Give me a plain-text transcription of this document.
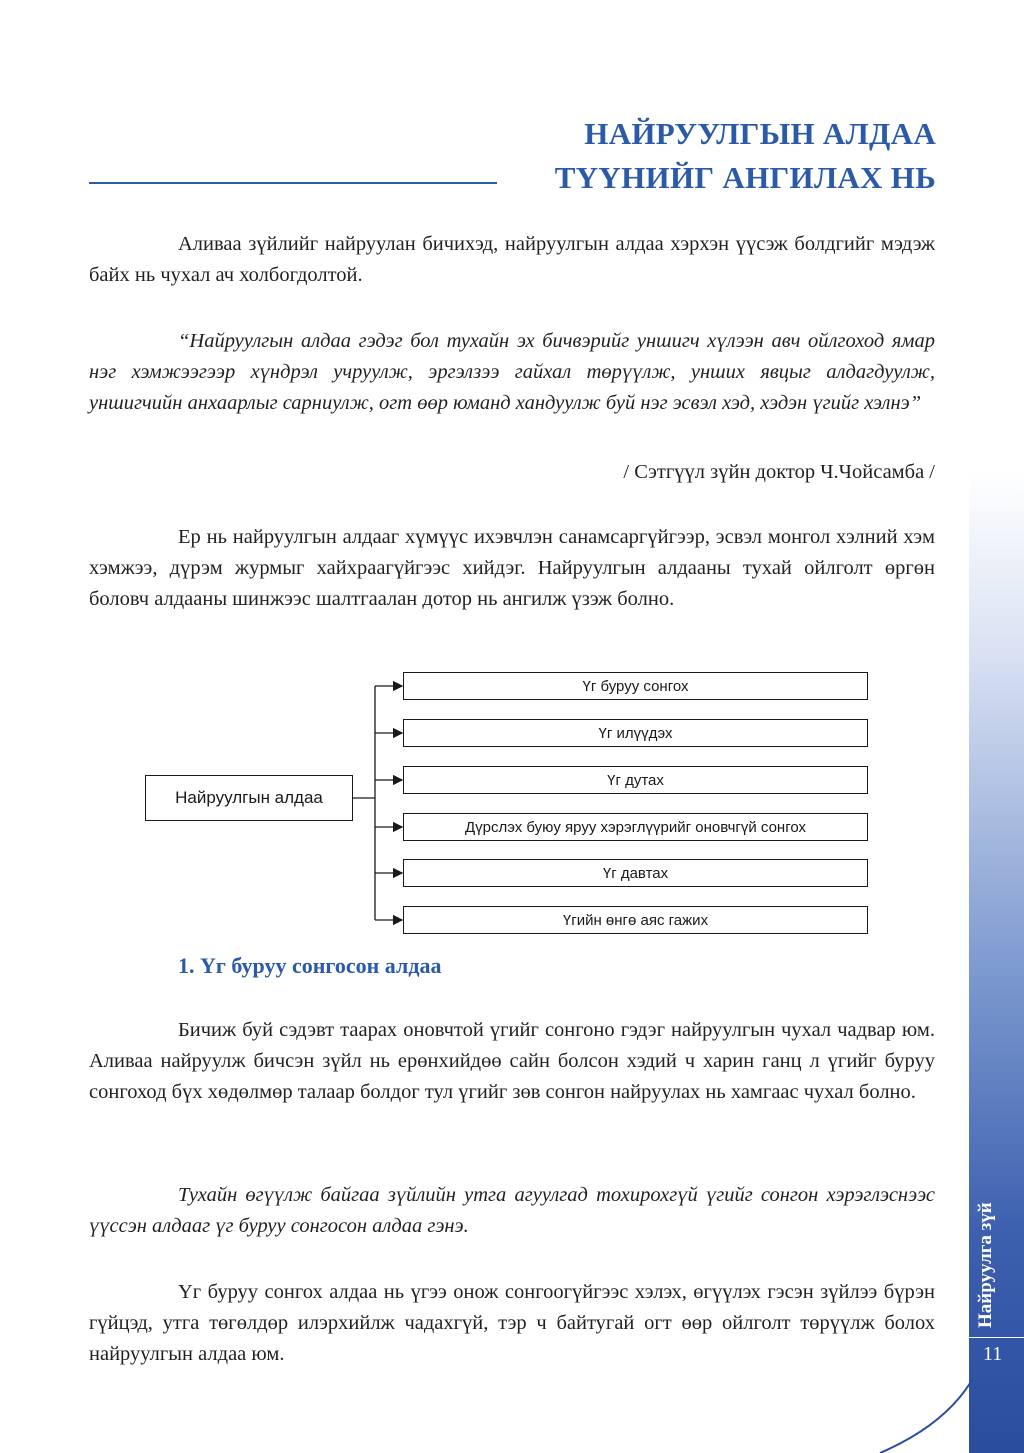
НАЙРУУЛГЫН АЛДАА
ТҮҮНИЙГ АНГИЛАХ НЬ

Аливаа зүйлийг найруулан бичихэд, найруулгын алдаа хэрхэн үүсэж болдгийг мэдэж байх нь чухал ач холбогдолтой.

“Найруулгын алдаа гэдэг бол тухайн эх бичвэрийг уншигч хүлээн авч ойлгоход ямар нэг хэмжээгээр хүндрэл учруулж, эргэлзээ гайхал төрүүлж, унших явцыг алдагдуулж, уншигчийн анхаарлыг сарниулж, огт өөр юманд хандуулж буй нэг эсвэл хэд, хэдэн үгийг хэлнэ”

/ Сэтгүүл зүйн доктор Ч.Чойсамба /

Ер нь найруулгын алдааг хүмүүс ихэвчлэн санамсаргүйгээр, эсвэл монгол хэлний хэм хэмжээ, дүрэм журмыг хайхраагүйгээс хийдэг. Найруулгын алдааны тухай ойлголт өргөн боловч алдааны шинжээс шалтгаалан дотор нь ангилж үзэж болно.

Найруулгын алдаа
Үг буруу сонгох
Үг илүүдэх
Үг дутах
Дүрслэх буюу яруу хэрэглүүрийг оновчгүй сонгох
Үг давтах
Үгийн өнгө аяс гажих
1. Үг буруу сонгосон алдаа

Бичиж буй сэдэвт таарах оновчтой үгийг сонгоно гэдэг найруулгын чухал чадвар юм. Аливаа найруулж бичсэн зүйл нь ерөнхийдөө сайн болсон хэдий ч харин ганц л үгийг буруу сонгоход бүх хөдөлмөр талаар болдог тул үгийг зөв сонгон найруулах нь хамгаас чухал болно.

Тухайн өгүүлж байгаа зүйлийн утга агуулгад тохирохгүй үгийг сонгон хэрэглэснээс үүссэн алдааг үг буруу сонгосон алдаа гэнэ.

Үг буруу сонгох алдаа нь үгээ онож сонгоогүйгээс хэлэх, өгүүлэх гэсэн зүйлээ бүрэн гүйцэд, утга төгөлдөр илэрхийлж чадахгүй, тэр ч байтугай огт өөр ойлголт төрүүлж болох найруулгын алдаа юм.	11
